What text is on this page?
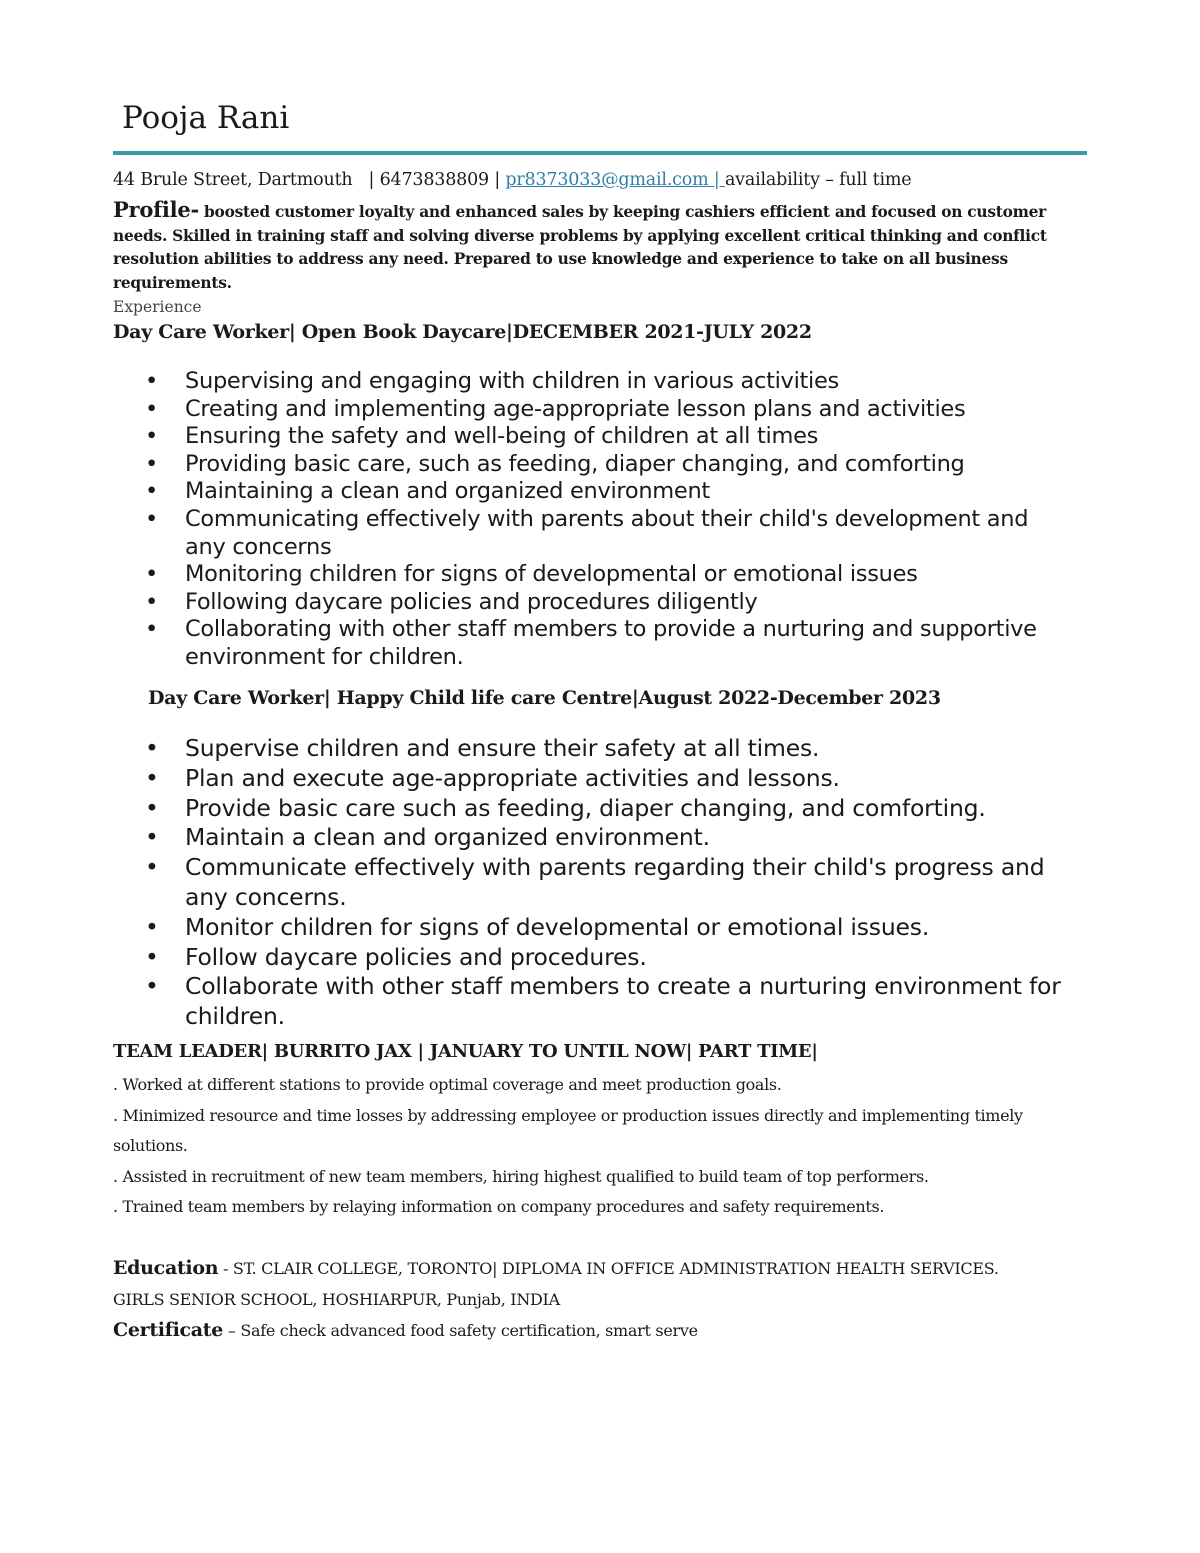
Pooja Rani
44 Brule Street, Dartmouth   | 6473838809 | pr8373033@gmail.com | availability – full time
Profile- boosted customer loyalty and enhanced sales by keeping cashiers efficient and focused on customer needs. Skilled in training staff and solving diverse problems by applying excellent critical thinking and conflict resolution abilities to address any need. Prepared to use knowledge and experience to take on all business requirements.
Experience
Day Care Worker| Open Book Daycare|DECEMBER 2021-JULY 2022
• Supervising and engaging with children in various activities
• Creating and implementing age-appropriate lesson plans and activities
• Ensuring the safety and well-being of children at all times
• Providing basic care, such as feeding, diaper changing, and comforting
• Maintaining a clean and organized environment
• Communicating effectively with parents about their child's development and any concerns
• Monitoring children for signs of developmental or emotional issues
• Following daycare policies and procedures diligently
• Collaborating with other staff members to provide a nurturing and supportive environment for children.
Day Care Worker| Happy Child life care Centre|August 2022-December 2023
• Supervise children and ensure their safety at all times.
• Plan and execute age-appropriate activities and lessons.
• Provide basic care such as feeding, diaper changing, and comforting.
• Maintain a clean and organized environment.
• Communicate effectively with parents regarding their child's progress and any concerns.
• Monitor children for signs of developmental or emotional issues.
• Follow daycare policies and procedures.
• Collaborate with other staff members to create a nurturing environment for children.
TEAM LEADER| BURRITO JAX | JANUARY TO UNTIL NOW| PART TIME|

. Worked at different stations to provide optimal coverage and meet production goals.

. Minimized resource and time losses by addressing employee or production issues directly and implementing timely solutions.

. Assisted in recruitment of new team members, hiring highest qualified to build team of top performers.

. Trained team members by relaying information on company procedures and safety requirements.

Education - ST. CLAIR COLLEGE, TORONTO| DIPLOMA IN OFFICE ADMINISTRATION HEALTH SERVICES.

GIRLS SENIOR SCHOOL, HOSHIARPUR, Punjab, INDIA

Certificate – Safe check advanced food safety certification, smart serve
